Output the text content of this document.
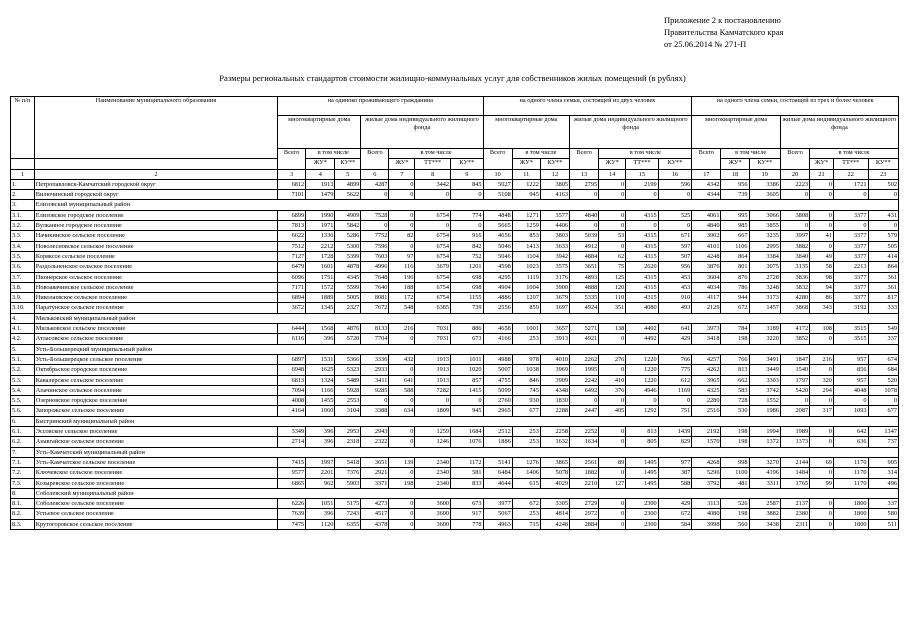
Приложение 2 к постановлению
Правительства Камчатского края
от 25.06.2014 № 271-П
Размеры региональных стандартов стоимости жилищно-коммунальных услуг для собственников жилых помещений (в рублях)
№ п/п	Наименование муниципального образования	на одиноко проживающего гражданина							на одного члена семьи, состоящей из двух человек							на одного члена семьи, состоящей из трех и более человек						
		многоквартирные дома			жилые дома индивидуального жилищного фонда				многоквартирные дома			жилые дома индивидуального жилищного фонда				многоквартирные дома			жилые дома индивидуального жилищного фонда			
		Всего	в том числе		Всего	в том числе			Всего	в том числе		Всего	в том числе			Всего	в том числе		Всего	в том числе		
			ЖУ*	КУ**		ЖУ*	ТТ***	КУ**		ЖУ*	КУ**		ЖУ*	ТТ***	КУ**		ЖУ*	КУ**		ЖУ*	ТТ***	КУ**
1	2	3	4	5	6	7	8	9	10	11	12	13	14	15	16	17	18	19	20	21	22	23
1.	Петропавловск-Камчатский городской округ	6812	1913	4899	4287	0	3442	845	5027	1222	3805	2795	0	2199	596	4342	956	3386	2223	0	1721	502
2.	Вилючинский городской округ	7101	1479	5622	0	0	0	0	5108	945	4163	0	0	0	0	4344	739	3605	0	0	0	0
3.	Елизовский муниципальный район																					
3.1.	Елизовское городское поселение	6899	1990	4909	7528	0	6754	774	4848	1271	3577	4840	0	4315	525	4061	995	3066	3808	0	3377	431
3.2.	Вулканное городское поселение	7813	1971	5842	0	0	0	0	5665	1259	4406	0	0	0	0	4840	985	3855	0	0	0	0
3.3.	Начикинское сельское поселение	6622	1336	5286	7752	82	6754	916	4656	853	3803	5039	53	4315	671	3902	667	3235	3997	41	3377	579
3.4.	Новолесновское сельское поселение	7512	2212	5300	7596	0	6754	842	5046	1413	3633	4912	0	4315	597	4101	1106	2995	3882	0	3377	505
3.5.	Коряксое сельское поселение	7127	1728	5399	7603	97	6754	752	5046	1104	3942	4884	62	4315	507	4248	864	3384	3840	49	3377	414
3.6.	Раздольненское сельское поселение	6479	1601	4878	4996	116	3679	1201	4598	1023	3575	3651	75	2620	956	3876	801	3075	3135	58	2213	864
3.7.	Пионерское сельское поселение	6096	1751	4345	7648	196	6754	698	4295	1119	3176	4893	125	4315	453	3604	876	2728	3836	98	3377	361
3.8.	Новоавачинское сельское поселение	7171	1572	5599	7640	188	6754	698	4904	1004	3900	4888	120	4315	453	4034	786	3248	3832	94	3377	361
3.9.	Николаевское сельское поселение	6894	1889	5005	8081	172	6754	1155	4886	1207	3679	5335	110	4315	910	4117	944	3173	4280	86	3377	817
3.10.	Паратунское сельское поселение	3672	1345	2327	7672	548	6385	739	2556	859	1697	4924	351	4080	493	2129	672	1457	3868	343	3192	333
4.	Мильковский муниципальный район																					
4.1.	Мильковское сельское поселение	6444	1568	4876	8133	216	7031	886	4658	1001	3657	5271	138	4492	641	3973	784	3189	4172	108	3515	549
4.2.	Атласовское сельское поселение	6116	396	5720	7704	0	7031	673	4166	253	3913	4921	0	4492	429	3418	198	3220	3852	0	3515	337
5.	Усть-Большерецкий муниципальный район																					
5.1.	Усть-Большерецкое сельское поселение	6897	1531	5366	3336	432	1913	1011	4988	978	4010	2262	276	1220	766	4257	766	3491	1847	216	957	674
5.2.	Октябрьское городское поселение	6948	1625	5323	2933	0	1913	1020	5007	1038	3969	1995	0	1220	775	4262	813	3449	1540	0	856	684
5.3.	Кавалерское сельское поселение	6813	1324	5489	3411	641	1913	857	4755	846	3909	2242	410	1220	612	3965	662	3303	1797	320	957	520
5.4.	Апачинское сельское поселение	7094	1166	5928	9285	588	7282	1415	5099	745	4348	6492	376	4946	1169	4325	583	3742	5420	294	4048	1078
5.5.	Озерновское городское поселение	4008	1455	2553	0	0	0	0	2760	930	1830	0	0	0	0	2280	728	1552	0	0	0	0
5.6.	Запорожское сельское поселение	4164	1060	3104	3388	634	1809	945	2965	677	2288	2447	405	1292	751	2516	530	1986	2087	317	1093	677
6.	Быстринский муниципальный район																					
6.1.	Эссовское сельское поселение	3349	396	2953	2943	0	1259	1684	2512	253	2258	2252	0	813	1439	2192	198	1994	1989	0	642	1347
6.2.	Анавгайское сельское поселение	2714	396	2318	2322	0	1246	1076	1886	253	1632	1634	0	805	829	1570	198	1372	1373	0	636	737
7.	Усть-Камчатский муниципальный район																					
7.1.	Усть-Камчатское сельское поселение	7415	1997	5418	3651	139	2340	1172	5141	1276	3865	2561	89	1495	977	4268	998	3270	2144	69	1170	905
7.2.	Ключевское сельское поселение	9577	2201	7376	2921	0	2340	581	6484	1406	5078	1882	0	1495	387	5296	1100	4196	1484	0	1170	314
7.3.	Козыревское сельское поселение	6865	962	5903	3371	198	2340	833	4644	615	4029	2210	127	1495	588	3792	481	3311	1765	99	1170	496
8.	Соболевский муниципальный район																					
8.1.	Соболевское сельское поселение	6226	1051	5175	4273	0	3600	673	3977	672	3305	2729	0	2300	429	3113	526	2587	2137	0	1800	337
8.2.	Устьевое сельское поселение	7639	396	7243	4517	0	3600	917	5067	253	4814	2972	0	2300	672	4080	198	3882	2380	0	1800	580
8.3.	Крутогоровское сельское поселение	7475	1120	6355	4378	0	3600	778	4963	715	4248	2884	0	2300	584	3998	560	3438	2311	0	1800	511
